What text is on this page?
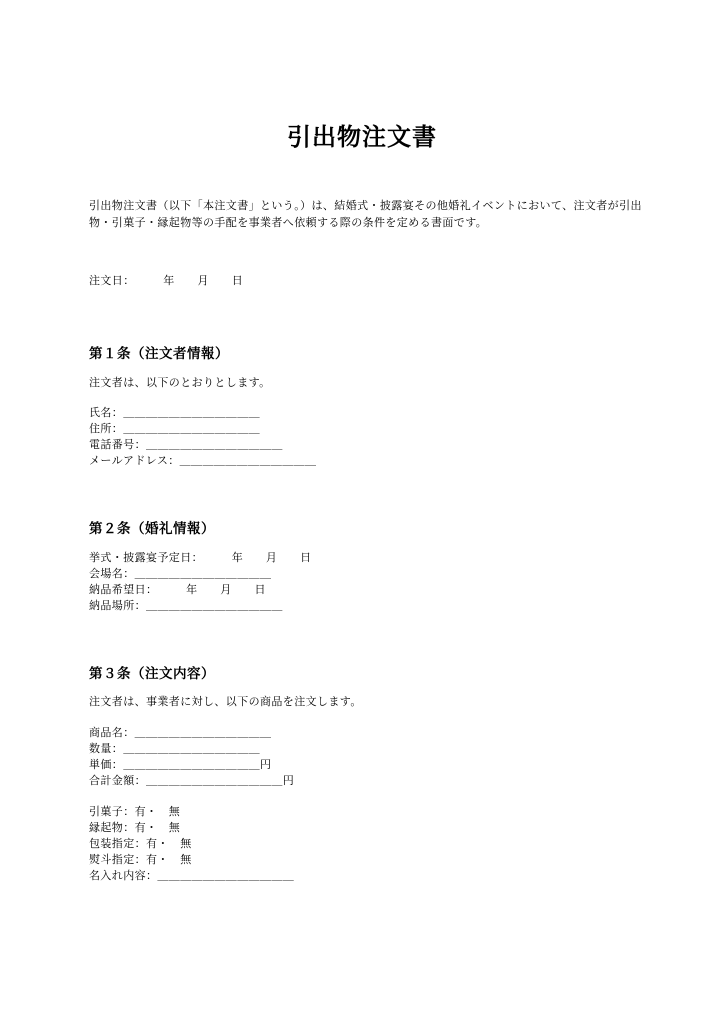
引出物注文書
引出物注文書（以下「本注文書」という。）は、結婚式・披露宴その他婚礼イベントにおいて、注文者が引出物・引菓子・縁起物等の手配を事業者へ依頼する際の条件を定める書面です。
注文日：　　　年　　月　　日
第１条（注文者情報）
注文者は、以下のとおりとします。
氏名：＿＿＿＿＿＿＿＿＿＿＿＿
住所：＿＿＿＿＿＿＿＿＿＿＿＿
電話番号：＿＿＿＿＿＿＿＿＿＿＿＿
メールアドレス：＿＿＿＿＿＿＿＿＿＿＿＿
第２条（婚礼情報）
挙式・披露宴予定日：　　　年　　月　　日
会場名：＿＿＿＿＿＿＿＿＿＿＿＿
納品希望日：　　　年　　月　　日
納品場所：＿＿＿＿＿＿＿＿＿＿＿＿
第３条（注文内容）
注文者は、事業者に対し、以下の商品を注文します。
商品名：＿＿＿＿＿＿＿＿＿＿＿＿
数量：＿＿＿＿＿＿＿＿＿＿＿＿
単価：＿＿＿＿＿＿＿＿＿＿＿＿円
合計金額：＿＿＿＿＿＿＿＿＿＿＿＿円
引菓子：有・　無
縁起物：有・　無
包装指定：有・　無
熨斗指定：有・　無
名入れ内容：＿＿＿＿＿＿＿＿＿＿＿＿
